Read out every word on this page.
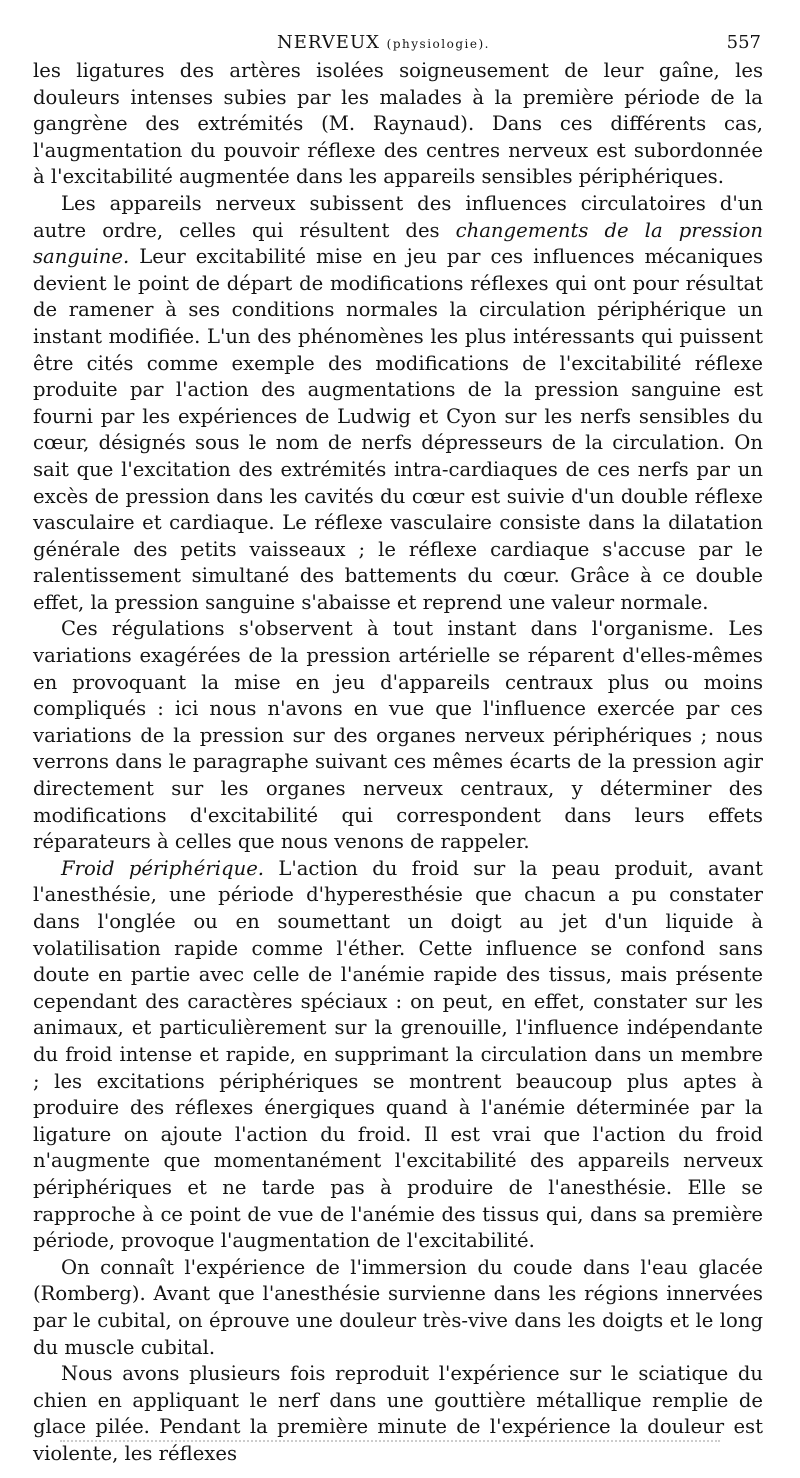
NERVEUX (physiologie).	557

les ligatures des artères isolées soigneusement de leur gaîne, les douleurs intenses subies par les malades à la première période de la gangrène des extrémités (M. Raynaud). Dans ces différents cas, l'augmentation du pouvoir réflexe des centres nerveux est subordonnée à l'excitabilité augmentée dans les appareils sensibles périphériques.

Les appareils nerveux subissent des influences circulatoires d'un autre ordre, celles qui résultent des changements de la pression sanguine. Leur excitabilité mise en jeu par ces influences mécaniques devient le point de départ de modifications réflexes qui ont pour résultat de ramener à ses conditions normales la circulation périphérique un instant modifiée. L'un des phénomènes les plus intéressants qui puissent être cités comme exemple des modifications de l'excitabilité réflexe produite par l'action des augmentations de la pression sanguine est fourni par les expériences de Ludwig et Cyon sur les nerfs sensibles du cœur, désignés sous le nom de nerfs dépresseurs de la circulation. On sait que l'excitation des extrémités intra-cardiaques de ces nerfs par un excès de pression dans les cavités du cœur est suivie d'un double réflexe vasculaire et cardiaque. Le réflexe vasculaire consiste dans la dilatation générale des petits vaisseaux ; le réflexe cardiaque s'accuse par le ralentissement simultané des battements du cœur. Grâce à ce double effet, la pression sanguine s'abaisse et reprend une valeur normale.

Ces régulations s'observent à tout instant dans l'organisme. Les variations exagérées de la pression artérielle se réparent d'elles-mêmes en provoquant la mise en jeu d'appareils centraux plus ou moins compliqués : ici nous n'avons en vue que l'influence exercée par ces variations de la pression sur des organes nerveux périphériques ; nous verrons dans le paragraphe suivant ces mêmes écarts de la pression agir directement sur les organes nerveux centraux, y déterminer des modifications d'excitabilité qui correspondent dans leurs effets réparateurs à celles que nous venons de rappeler.

Froid périphérique. L'action du froid sur la peau produit, avant l'anesthésie, une période d'hyperesthésie que chacun a pu constater dans l'onglée ou en soumettant un doigt au jet d'un liquide à volatilisation rapide comme l'éther. Cette influence se confond sans doute en partie avec celle de l'anémie rapide des tissus, mais présente cependant des caractères spéciaux : on peut, en effet, constater sur les animaux, et particulièrement sur la grenouille, l'influence indépendante du froid intense et rapide, en supprimant la circulation dans un membre ; les excitations périphériques se montrent beaucoup plus aptes à produire des réflexes énergiques quand à l'anémie déterminée par la ligature on ajoute l'action du froid. Il est vrai que l'action du froid n'augmente que momentanément l'excitabilité des appareils nerveux périphériques et ne tarde pas à produire de l'anesthésie. Elle se rapproche à ce point de vue de l'anémie des tissus qui, dans sa première période, provoque l'augmentation de l'excitabilité.

On connaît l'expérience de l'immersion du coude dans l'eau glacée (Romberg). Avant que l'anesthésie survienne dans les régions innervées par le cubital, on éprouve une douleur très-vive dans les doigts et le long du muscle cubital.

Nous avons plusieurs fois reproduit l'expérience sur le sciatique du chien en appliquant le nerf dans une gouttière métallique remplie de glace pilée. Pendant la première minute de l'expérience la douleur est violente, les réflexes
